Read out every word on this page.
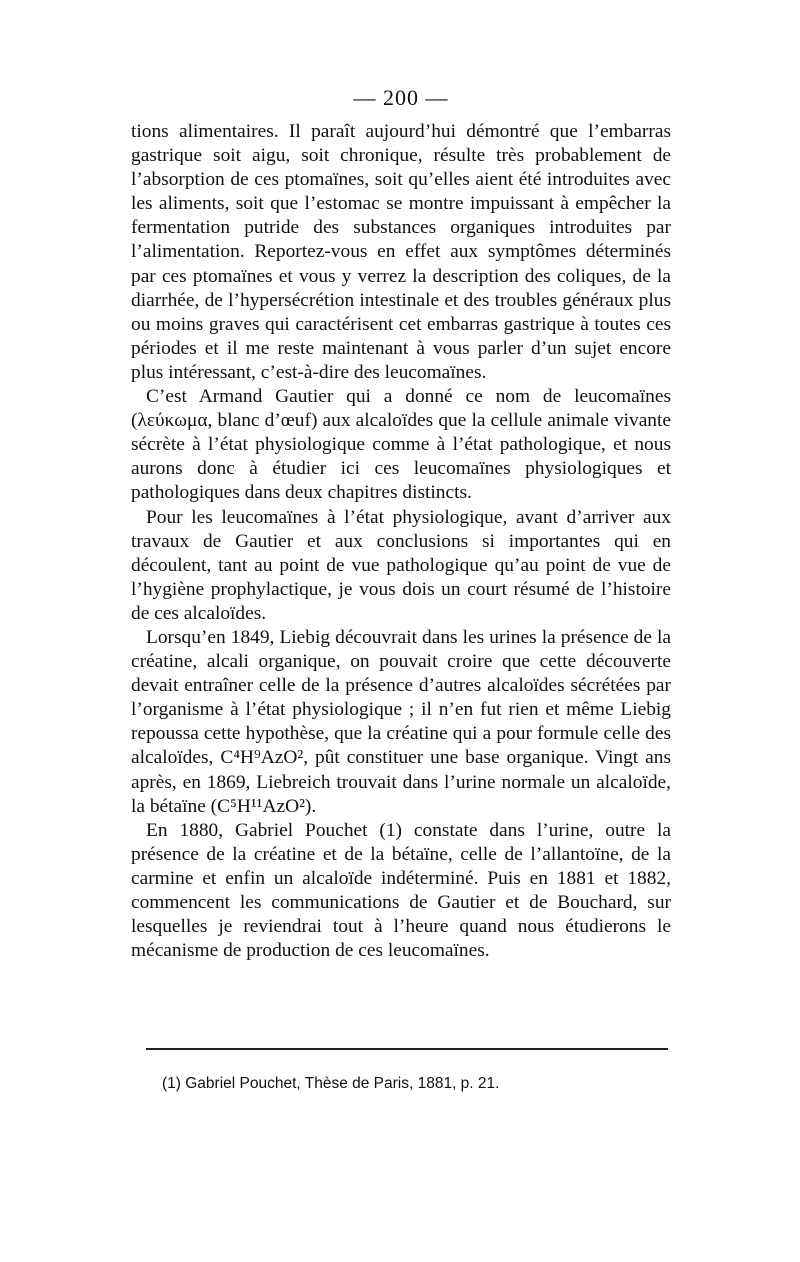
— 200 —

tions alimentaires. Il paraît aujourd’hui démontré que l’embarras gastrique soit aigu, soit chronique, résulte très probablement de l’absorption de ces ptomaïnes, soit qu’elles aient été introduites avec les aliments, soit que l’estomac se montre impuissant à empêcher la fermentation putride des substances organiques introduites par l’alimentation. Reportez-vous en effet aux symptômes déterminés par ces ptomaïnes et vous y verrez la description des coliques, de la diarrhée, de l’hypersécrétion intestinale et des troubles généraux plus ou moins graves qui caractérisent cet embarras gastrique à toutes ces périodes et il me reste maintenant à vous parler d’un sujet encore plus intéressant, c’est-à-dire des leucomaïnes.

C’est Armand Gautier qui a donné ce nom de leucomaïnes (λεύκωμα, blanc d’œuf) aux alcaloïdes que la cellule animale vivante sécrète à l’état physiologique comme à l’état pathologique, et nous aurons donc à étudier ici ces leucomaïnes physiologiques et pathologiques dans deux chapitres distincts.

Pour les leucomaïnes à l’état physiologique, avant d’arriver aux travaux de Gautier et aux conclusions si importantes qui en découlent, tant au point de vue pathologique qu’au point de vue de l’hygiène prophylactique, je vous dois un court résumé de l’histoire de ces alcaloïdes.

Lorsqu’en 1849, Liebig découvrait dans les urines la présence de la créatine, alcali organique, on pouvait croire que cette découverte devait entraîner celle de la présence d’autres alcaloïdes sécrétées par l’organisme à l’état physiologique ; il n’en fut rien et même Liebig repoussa cette hypothèse, que la créatine qui a pour formule celle des alcaloïdes, C⁴H⁹AzO², pût constituer une base organique. Vingt ans après, en 1869, Liebreich trouvait dans l’urine normale un alcaloïde, la bétaïne (C⁵H¹¹AzO²).

En 1880, Gabriel Pouchet (1) constate dans l’urine, outre la présence de la créatine et de la bétaïne, celle de l’allantoïne, de la carmine et enfin un alcaloïde indéterminé. Puis en 1881 et 1882, commencent les communications de Gautier et de Bouchard, sur lesquelles je reviendrai tout à l’heure quand nous étudierons le mécanisme de production de ces leucomaïnes.

(1) Gabriel Pouchet, Thèse de Paris, 1881, p. 21.
